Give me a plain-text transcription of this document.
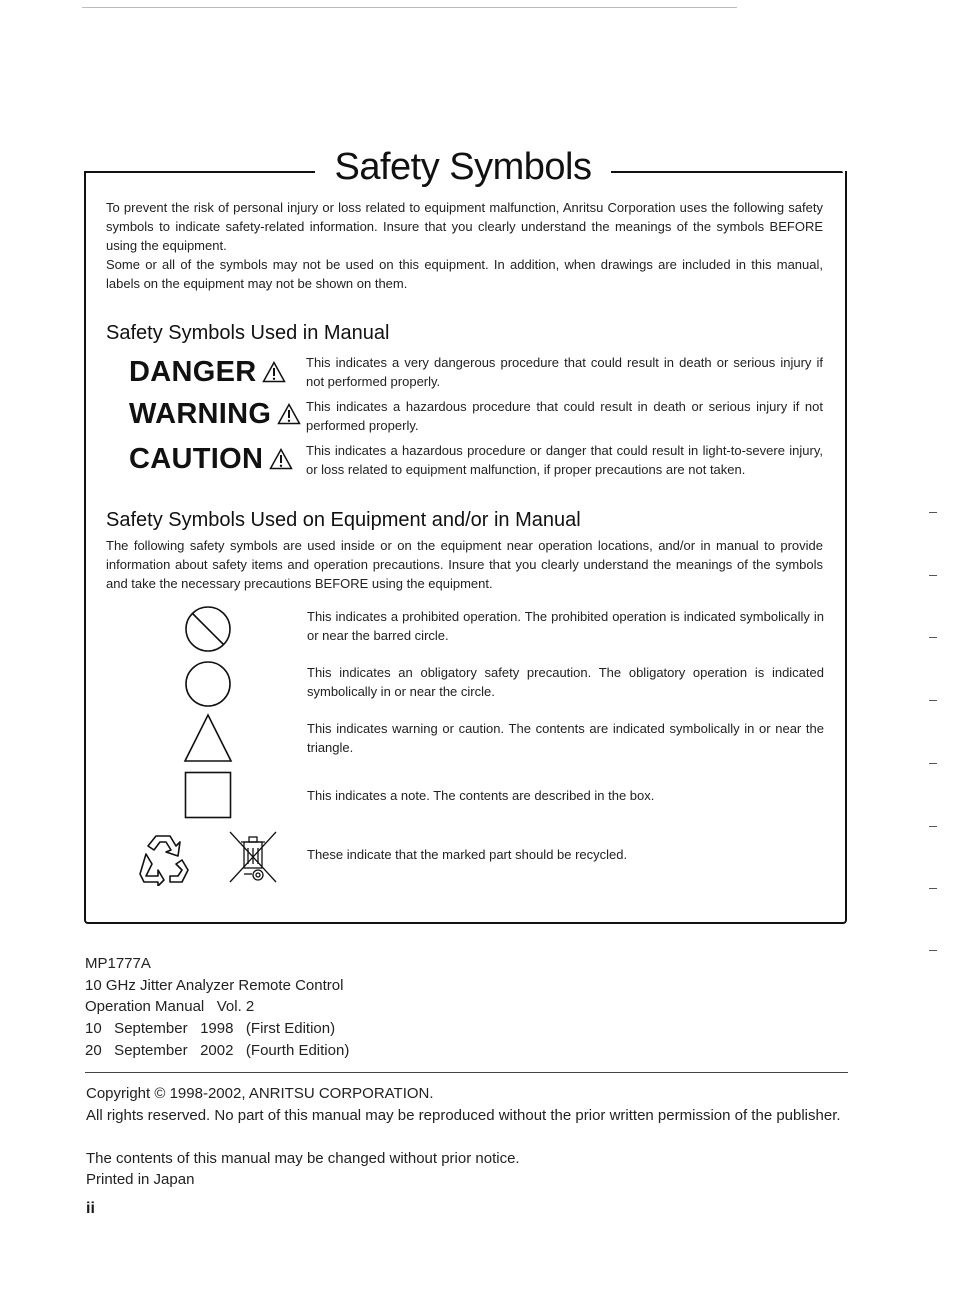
Safety Symbols
To prevent the risk of personal injury or loss related to equipment malfunction, Anritsu Corporation uses the following safety symbols to indicate safety-related information. Insure that you clearly understand the meanings of the symbols BEFORE using the equipment.
Some or all of the symbols may not be used on this equipment. In addition, when drawings are included in this manual, labels on the equipment may not be shown on them.
Safety Symbols Used in Manual
DANGER	This indicates a very dangerous procedure that could result in death or serious injury if not performed properly.
WARNING	This indicates a hazardous procedure that could result in death or serious injury if not performed properly.
CAUTION	This indicates a hazardous procedure or danger that could result in light-to-severe injury, or loss related to equipment malfunction, if proper precautions are not taken.
Safety Symbols Used on Equipment and/or in Manual
The following safety symbols are used inside or on the equipment near operation locations, and/or in manual to provide information about safety items and operation precautions. Insure that you clearly understand the meanings of the symbols and take the necessary precautions BEFORE using the equipment.
This indicates a prohibited operation. The prohibited operation is indicated symbolically in or near the barred circle.
This indicates an obligatory safety precaution. The obligatory operation is indicated symbolically in or near the circle.
This indicates warning or caution. The contents are indicated symbolically in or near the triangle.
This indicates a note. The contents are described in the box.
These indicate that the marked part should be recycled.
MP1777A
10 GHz Jitter Analyzer Remote Control
Operation Manual   Vol. 2
10   September   1998   (First Edition)
20   September   2002   (Fourth Edition)
Copyright © 1998-2002, ANRITSU CORPORATION.
All rights reserved. No part of this manual may be reproduced without the prior written permission of the publisher.
The contents of this manual may be changed without prior notice.
Printed in Japan
ii
